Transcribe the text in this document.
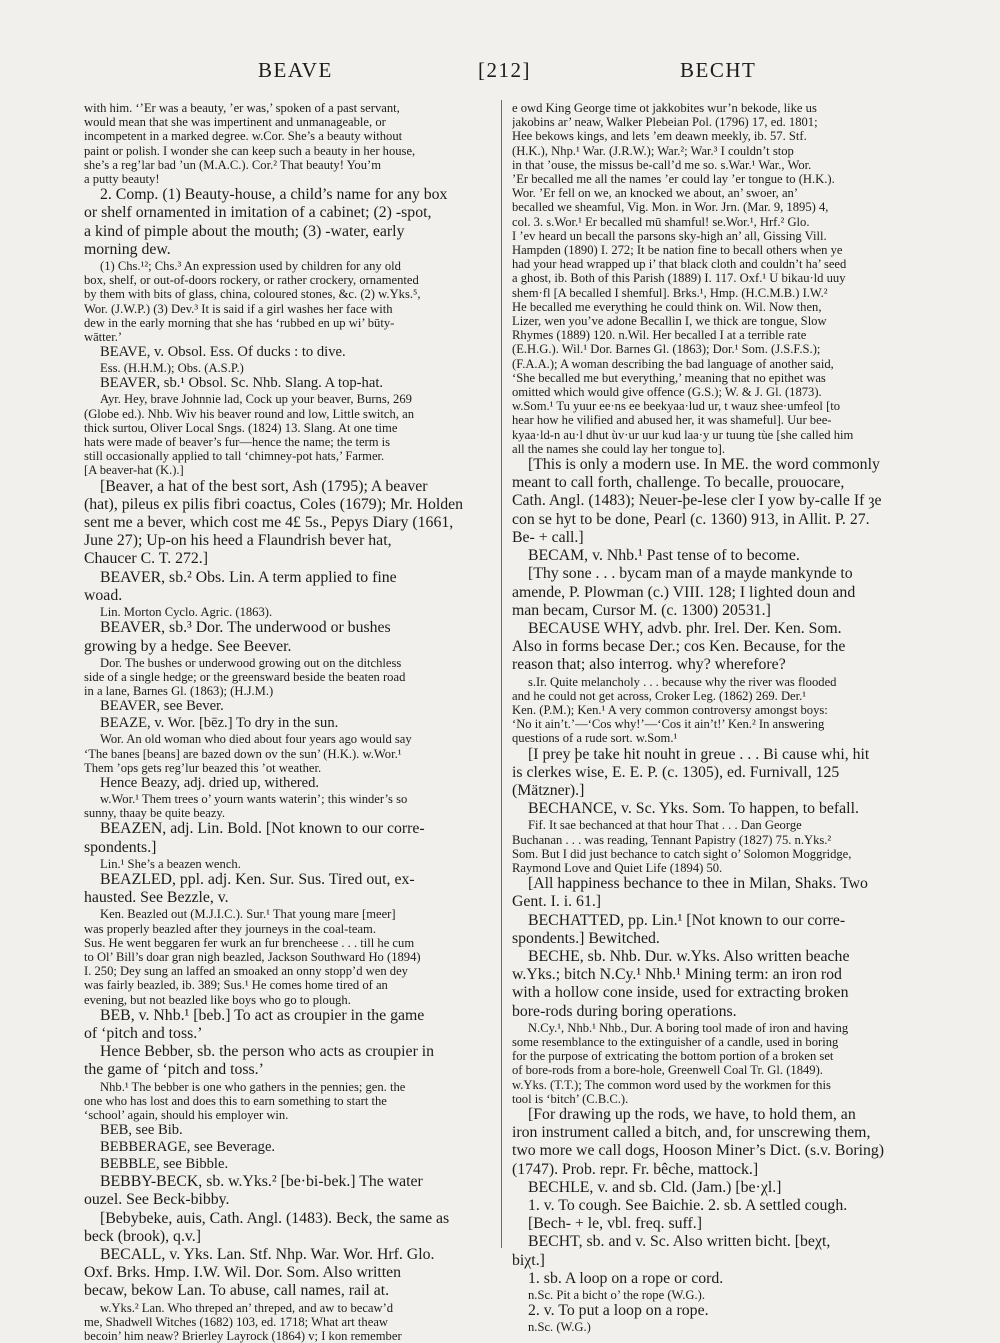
BEAVE	[212]	BECHT
with him. ‘’Er was a beauty, ’er was,’ spoken of a past servant,
would mean that she was impertinent and unmanageable, or
incompetent in a marked degree. w.Cor. She’s a beauty without
paint or polish. I wonder she can keep such a beauty in her house,
she’s a reg’lar bad ’un (M.A.C.). Cor.² That beauty! You’m
a putty beauty!
2. Comp. (1) Beauty-house, a child’s name for any box
or shelf ornamented in imitation of a cabinet; (2) -spot,
a kind of pimple about the mouth; (3) -water, early
morning dew.
(1) Chs.¹²; Chs.³ An expression used by children for any old
box, shelf, or out-of-doors rockery, or rather crockery, ornamented
by them with bits of glass, china, coloured stones, &c. (2) w.Yks.⁵,
Wor. (J.W.P.) (3) Dev.³ It is said if a girl washes her face with
dew in the early morning that she has ‘rubbed en up wi’ būty-
wātter.’
BEAVE, v. Obsol. Ess. Of ducks : to dive.
Ess. (H.H.M.); Obs. (A.S.P.)
BEAVER, sb.¹ Obsol. Sc. Nhb. Slang. A top-hat.
Ayr. Hey, brave Johnnie lad, Cock up your beaver, Burns, 269
(Globe ed.). Nhb. Wiv his beaver round and low, Little switch, an
thick surtou, Oliver Local Sngs. (1824) 13. Slang. At one time
hats were made of beaver’s fur—hence the name; the term is
still occasionally applied to tall ‘chimney-pot hats,’ Farmer.
[A beaver-hat (K.).]
[Beaver, a hat of the best sort, Ash (1795); A beaver
(hat), pileus ex pilis fibri coactus, Coles (1679); Mr. Holden
sent me a bever, which cost me 4£ 5s., Pepys Diary (1661,
June 27); Up-on his heed a Flaundrish bever hat,
Chaucer C. T. 272.]
BEAVER, sb.² Obs. Lin. A term applied to fine
woad.
Lin. Morton Cyclo. Agric. (1863).
BEAVER, sb.³ Dor. The underwood or bushes
growing by a hedge. See Beever.
Dor. The bushes or underwood growing out on the ditchless
side of a single hedge; or the greensward beside the beaten road
in a lane, Barnes Gl. (1863); (H.J.M.)
BEAVER, see Bever.
BEAZE, v. Wor. [bēz.] To dry in the sun.
Wor. An old woman who died about four years ago would say
‘The banes [beans] are bazed down ov the sun’ (H.K.). w.Wor.¹
Them ’ops gets reg’lur beazed this ’ot weather.
Hence Beazy, adj. dried up, withered.
w.Wor.¹ Them trees o’ yourn wants waterin’; this winder’s so
sunny, thaay be quite beazy.
BEAZEN, adj. Lin. Bold. [Not known to our corre-
spondents.]
Lin.¹ She’s a beazen wench.
BEAZLED, ppl. adj. Ken. Sur. Sus. Tired out, ex-
hausted. See Bezzle, v.
Ken. Beazled out (M.J.I.C.). Sur.¹ That young mare [meer]
was properly beazled after they journeys in the coal-team.
Sus. He went beggaren fer wurk an fur brencheese . . . till he cum
to Ol’ Bill’s doar gran nigh beazled, Jackson Southward Ho (1894)
I. 250; Dey sung an laffed an smoaked an onny stopp’d wen dey
was fairly beazled, ib. 389; Sus.¹ He comes home tired of an
evening, but not beazled like boys who go to plough.
BEB, v. Nhb.¹ [beb.] To act as croupier in the game
of ‘pitch and toss.’
Hence Bebber, sb. the person who acts as croupier in
the game of ‘pitch and toss.’
Nhb.¹ The bebber is one who gathers in the pennies; gen. the
one who has lost and does this to earn something to start the
‘school’ again, should his employer win.
BEB, see Bib.
BEBBERAGE, see Beverage.
BEBBLE, see Bibble.
BEBBY-BECK, sb. w.Yks.² [be·bi-bek.] The water
ouzel. See Beck-bibby.
[Bebybeke, auis, Cath. Angl. (1483). Beck, the same as
beck (brook), q.v.]
BECALL, v. Yks. Lan. Stf. Nhp. War. Wor. Hrf. Glo.
Oxf. Brks. Hmp. I.W. Wil. Dor. Som. Also written
becaw, bekow Lan. To abuse, call names, rail at.
w.Yks.² Lan. Who threped an’ threped, and aw to becaw’d
me, Shadwell Witches (1682) 103, ed. 1718; What art theaw
becoin’ him neaw? Brierley Layrock (1864) v; I kon remember
e owd King George time ot jakkobites wur’n bekode, like us
jakobins ar’ neaw, Walker Plebeian Pol. (1796) 17, ed. 1801;
Hee bekows kings, and lets ’em deawn meekly, ib. 57. Stf.
(H.K.), Nhp.¹ War. (J.R.W.); War.²; War.³ I couldn’t stop
in that ’ouse, the missus be-call’d me so. s.War.¹ War., Wor.
’Er becalled me all the names ’er could lay ’er tongue to (H.K.).
Wor. ’Er fell on we, an knocked we about, an’ swoer, an’
becalled we sheamful, Vig. Mon. in Wor. Jrn. (Mar. 9, 1895) 4,
col. 3. s.Wor.¹ Er becalled mū shamful! se.Wor.¹, Hrf.² Glo.
I ’ev heard un becall the parsons sky-high an’ all, Gissing Vill.
Hampden (1890) I. 272; It be nation fine to becall others when ye
had your head wrapped up i’ that black cloth and couldn’t ha’ seed
a ghost, ib. Both of this Parish (1889) I. 117. Oxf.¹ U bikau·ld uuy
shem·fl [A becalled I shemful]. Brks.¹, Hmp. (H.C.M.B.) I.W.²
He becalled me everything he could think on. Wil. Now then,
Lizer, wen you’ve adone Becallin I, we thick are tongue, Slow
Rhymes (1889) 120. n.Wil. Her becalled I at a terrible rate
(E.H.G.). Wil.¹ Dor. Barnes Gl. (1863); Dor.¹ Som. (J.S.F.S.);
(F.A.A.); A woman describing the bad language of another said,
‘She becalled me but everything,’ meaning that no epithet was
omitted which would give offence (G.S.); W. & J. Gl. (1873).
w.Som.¹ Tu yuur ee·ns ee beekyaa·lud ur, t wauz shee·umfeol [to
hear how he vilified and abused her, it was shameful]. Uur bee-
kyaa·ld-n au·l dhut ùv·ur uur kud laa·y ur tuung tùe [she called him
all the names she could lay her tongue to].
[This is only a modern use. In ME. the word commonly
meant to call forth, challenge. To becalle, prouocare,
Cath. Angl. (1483); Neuer-þe-lese cler I yow by-calle If ȝe
con se hyt to be done, Pearl (c. 1360) 913, in Allit. P. 27.
Be- + call.]
BECAM, v. Nhb.¹ Past tense of to become.
[Thy sone . . . bycam man of a mayde mankynde to
amende, P. Plowman (c.) VIII. 128; I lighted doun and
man becam, Cursor M. (c. 1300) 20531.]
BECAUSE WHY, advb. phr. Irel. Der. Ken. Som.
Also in forms becase Der.; cos Ken. Because, for the
reason that; also interrog. why? wherefore?
s.Ir. Quite melancholy . . . because why the river was flooded
and he could not get across, Croker Leg. (1862) 269. Der.¹
Ken. (P.M.); Ken.¹ A very common controversy amongst boys:
‘No it ain’t.’—‘Cos why!’—‘Cos it ain’t!’ Ken.² In answering
questions of a rude sort. w.Som.¹
[I prey þe take hit nouht in greue . . . Bi cause whi, hit
is clerkes wise, E. E. P. (c. 1305), ed. Furnivall, 125
(Mätzner).]
BECHANCE, v. Sc. Yks. Som. To happen, to befall.
Fif. It sae bechanced at that hour That . . . Dan George
Buchanan . . . was reading, Tennant Papistry (1827) 75. n.Yks.²
Som. But I did just bechance to catch sight o’ Solomon Moggridge,
Raymond Love and Quiet Life (1894) 50.
[All happiness bechance to thee in Milan, Shaks. Two
Gent. I. i. 61.]
BECHATTED, pp. Lin.¹ [Not known to our corre-
spondents.] Bewitched.
BECHE, sb. Nhb. Dur. w.Yks. Also written beache
w.Yks.; bitch N.Cy.¹ Nhb.¹ Mining term: an iron rod
with a hollow cone inside, used for extracting broken
bore-rods during boring operations.
N.Cy.¹, Nhb.¹ Nhb., Dur. A boring tool made of iron and having
some resemblance to the extinguisher of a candle, used in boring
for the purpose of extricating the bottom portion of a broken set
of bore-rods from a bore-hole, Greenwell Coal Tr. Gl. (1849).
w.Yks. (T.T.); The common word used by the workmen for this
tool is ‘bitch’ (C.B.C.).
[For drawing up the rods, we have, to hold them, an
iron instrument called a bitch, and, for unscrewing them,
two more we call dogs, Hooson Miner’s Dict. (s.v. Boring)
(1747). Prob. repr. Fr. bêche, mattock.]
BECHLE, v. and sb. Cld. (Jam.) [be·χl.]
1. v. To cough. See Baichie. 2. sb. A settled cough.
[Bech- + le, vbl. freq. suff.]
BECHT, sb. and v. Sc. Also written bicht. [beχt,
biχt.]
1. sb. A loop on a rope or cord.
n.Sc. Pit a bicht o’ the rope (W.G.).
2. v. To put a loop on a rope.
n.Sc. (W.G.)
